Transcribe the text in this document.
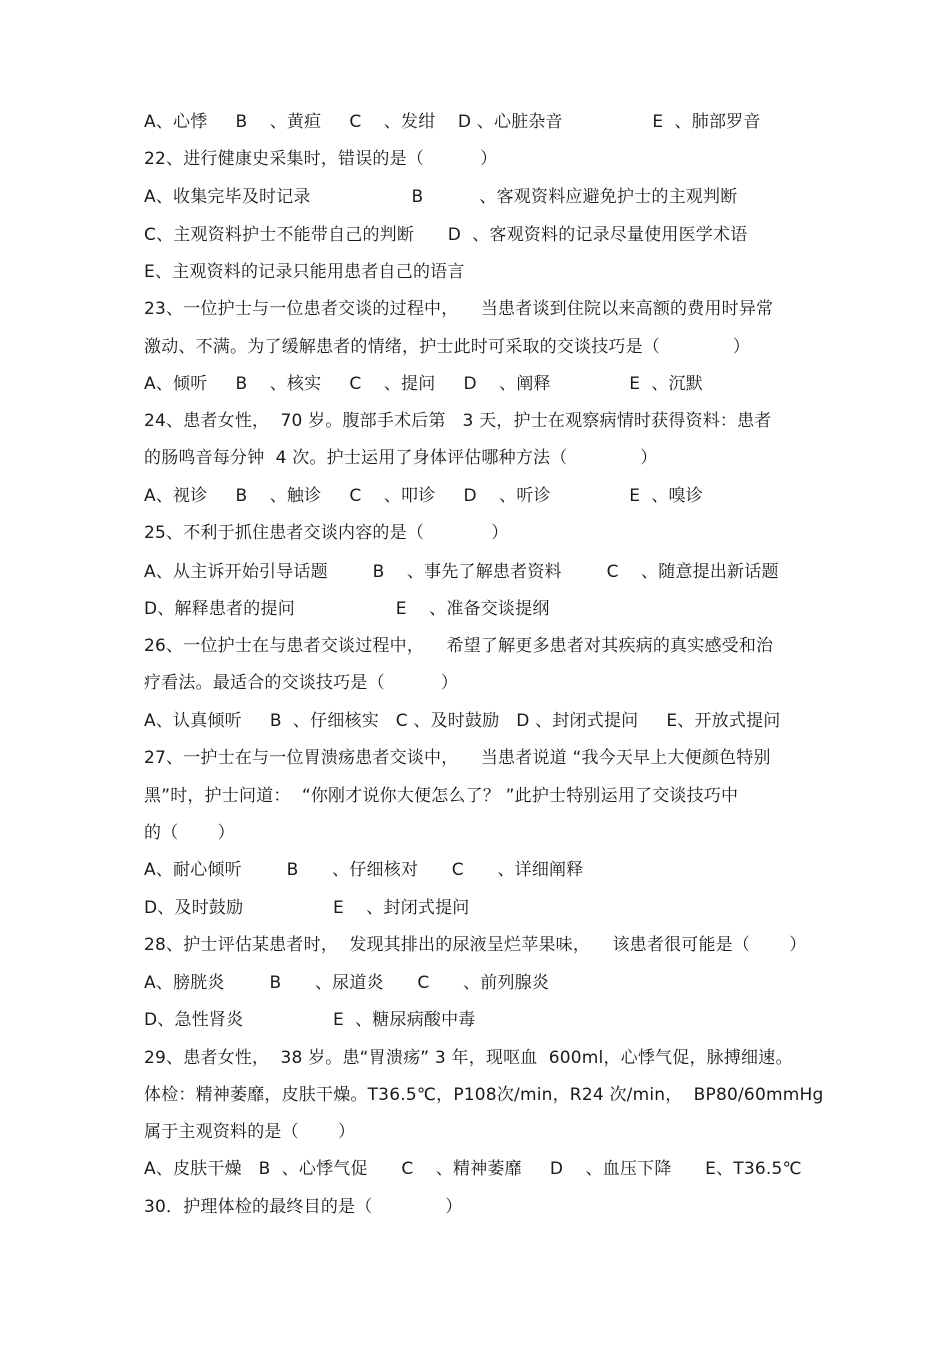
A、心悸     B    、黄疸     C    、发绀    D 、心脏杂音                E  、肺部罗音
22、进行健康史采集时，错误的是（          ）
A、收集完毕及时记录                  B          、客观资料应避免护士的主观判断
C、主观资料护士不能带自己的判断      D  、客观资料的记录尽量使用医学术语
E、主观资料的记录只能用患者自己的语言
23、一位护士与一位患者交谈的过程中，    当患者谈到住院以来高额的费用时异常
激动、不满。为了缓解患者的情绪，护士此时可采取的交谈技巧是（             ）
A、倾听     B    、核实     C    、提问     D    、阐释              E  、沉默
24、患者女性，  70 岁。腹部手术后第   3 天，护士在观察病情时获得资料：患者
的肠鸣音每分钟  4 次。护士运用了身体评估哪种方法（             ）
A、视诊     B    、触诊     C    、叩诊     D    、听诊              E  、嗅诊
25、不利于抓住患者交谈内容的是（            ）
A、从主诉开始引导话题        B    、事先了解患者资料        C    、随意提出新话题
D、解释患者的提问                  E    、准备交谈提纲
26、一位护士在与患者交谈过程中，    希望了解更多患者对其疾病的真实感受和治
疗看法。最适合的交谈技巧是（          ）
A、认真倾听     B  、仔细核实   C 、及时鼓励   D 、封闭式提问     E、开放式提问
27、一护士在与一位胃溃疡患者交谈中，    当患者说道 “我今天早上大便颜色特别
黑”时，护士问道：  “你刚才说你大便怎么了？ ”此护士特别运用了交谈技巧中
的（       ）
A、耐心倾听        B      、仔细核对      C      、详细阐释
D、及时鼓励                E    、封闭式提问
28、护士评估某患者时，  发现其排出的尿液呈烂苹果味，    该患者很可能是（       ）
A、膀胱炎        B      、尿道炎      C      、前列腺炎
D、急性肾炎                E  、糖尿病酸中毒
29、患者女性，  38 岁。患“胃溃疡” 3 年，现呕血  600ml，心悸气促，脉搏细速。
体检：精神萎靡，皮肤干燥。T36.5℃，P108次/min，R24 次/min，  BP80/60mmHg
属于主观资料的是（       ）
A、皮肤干燥   B  、心悸气促      C    、精神萎靡     D    、血压下降      E、T36.5℃
30．护理体检的最终目的是（             ）
